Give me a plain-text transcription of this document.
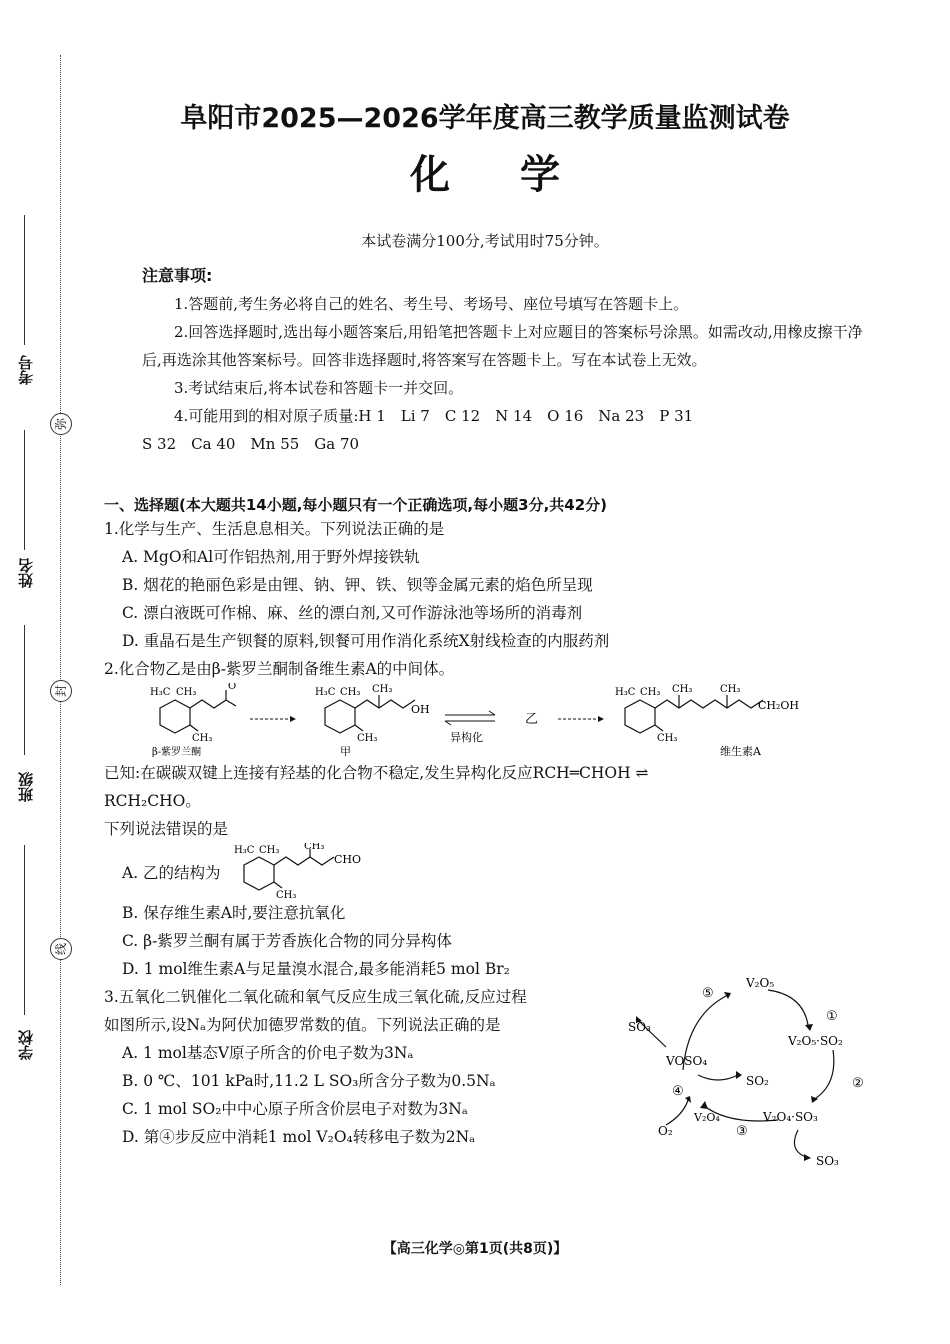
考号
姓名
班级
学校
弥
封
线
阜阳市2025—2026学年度高三教学质量监测试卷
化学
本试卷满分100分,考试用时75分钟。
注意事项:
1.答题前,考生务必将自己的姓名、考生号、考场号、座位号填写在答题卡上。
2.回答选择题时,选出每小题答案后,用铅笔把答题卡上对应题目的答案标号涂黑。如需改动,用橡皮擦干净后,再选涂其他答案标号。回答非选择题时,将答案写在答题卡上。写在本试卷上无效。
3.考试结束后,将本试卷和答题卡一并交回。
4.可能用到的相对原子质量:H 1　Li 7　C 12　N 14　O 16　Na 23　P 31
S 32　Ca 40　Mn 55　Ga 70
一、选择题(本大题共14小题,每小题只有一个正确选项,每小题3分,共42分)
1.化学与生产、生活息息相关。下列说法正确的是
A. MgO和Al可作铝热剂,用于野外焊接铁轨
B. 烟花的艳丽色彩是由锂、钠、钾、铁、钡等金属元素的焰色所呈现
C. 漂白液既可作棉、麻、丝的漂白剂,又可作游泳池等场所的消毒剂
D. 重晶石是生产钡餐的原料,钡餐可用作消化系统X射线检查的内服药剂
2.化合物乙是由β-紫罗兰酮制备维生素A的中间体。
H₃C CH₃
CH₃
O
β-紫罗兰酮
H₃C CH₃ CH₃
OH
CH₃
甲
异构化
乙
H₃C CH₃ CH₃	CH₃
CH₂OH
CH₃
维生素A
已知:在碳碳双键上连接有羟基的化合物不稳定,发生异构化反应RCH═CHOH ⇌
RCH₂CHO。
下列说法错误的是
A. 乙的结构为
H₃C CH₃ CH₃
CHO
CH₃
B. 保存维生素A时,要注意抗氧化
C. β-紫罗兰酮有属于芳香族化合物的同分异构体
D. 1 mol维生素A与足量溴水混合,最多能消耗5 mol Br₂
3.五氧化二钒催化二氧化硫和氧气反应生成三氧化硫,反应过程
如图所示,设Nₐ为阿伏加德罗常数的值。下列说法正确的是
A. 1 mol基态V原子所含的价电子数为3Nₐ
B. 0 ℃、101 kPa时,11.2 L SO₃所含分子数为0.5Nₐ
C. 1 mol SO₂中中心原子所含价层电子对数为3Nₐ
D. 第④步反应中消耗1 mol V₂O₄转移电子数为2Nₐ
V₂O₅
V₂O₅·SO₂
V₂O₄·SO₃
V₂O₄
VOSO₄
SO₂
SO₃
SO₃
O₂
①
②
③
④
⑤
【高三化学◎第1页(共8页)】
